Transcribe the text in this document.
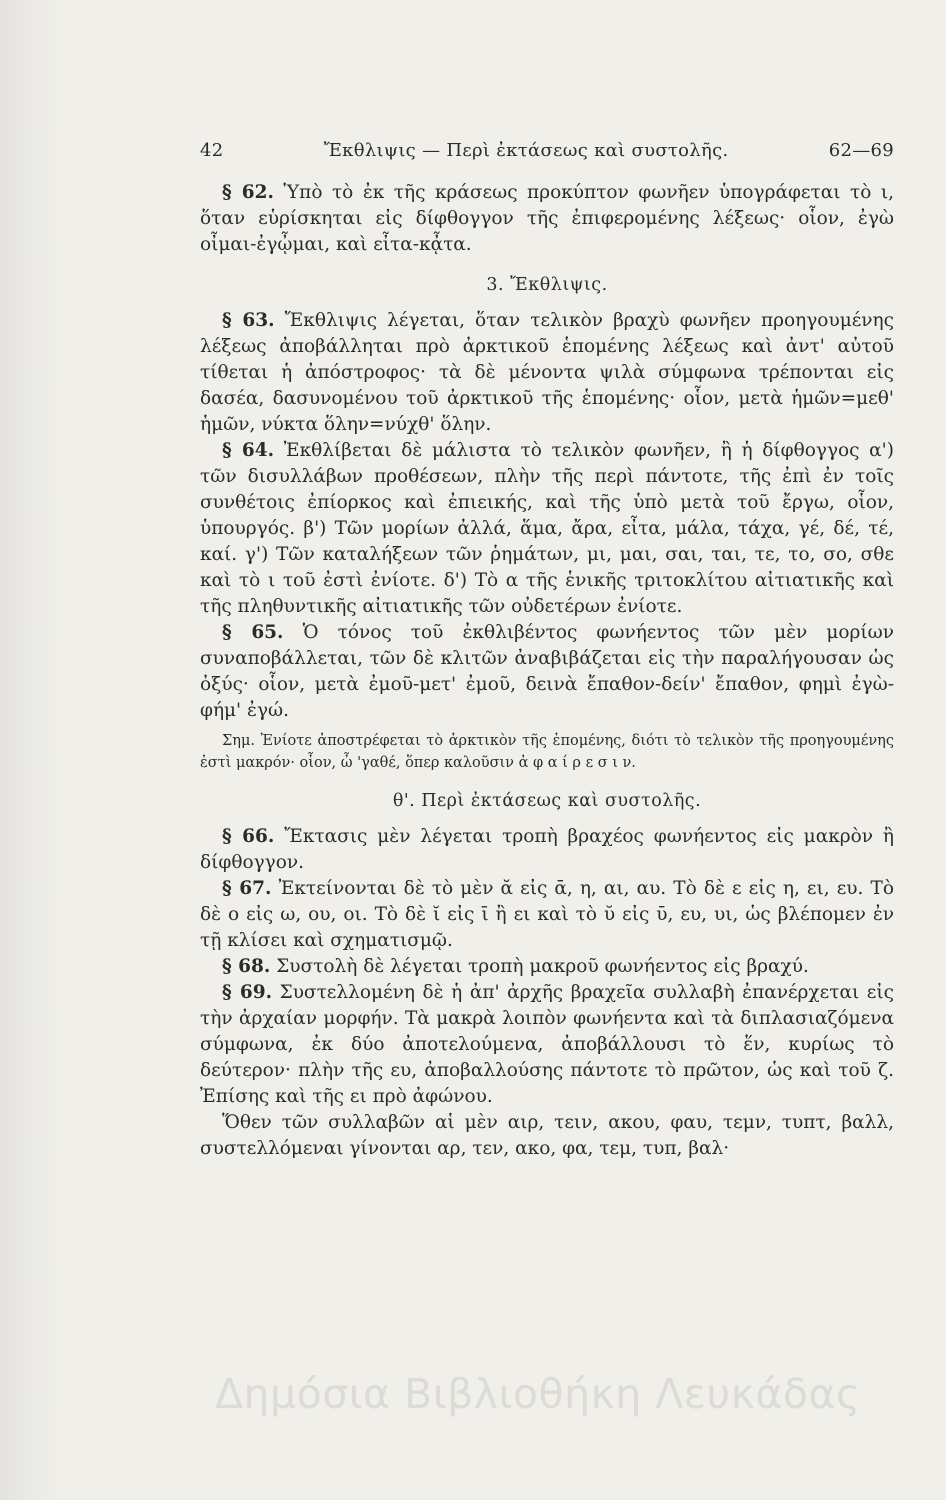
42	Ἔκθλιψις — Περὶ ἐκτάσεως καὶ συστολῆς.	62—69

§ 62. Ὑπὸ τὸ ἐκ τῆς κράσεως προκύπτον φωνῆεν ὑπογράφεται τὸ ι, ὅταν εὑρίσκηται εἰς δίφθογγον τῆς ἐπιφερομένης λέξεως· οἷον, ἐγὼ οἶμαι-ἐγᾦμαι, καὶ εἶτα-κᾆτα.

3. Ἔκθλιψις.

§ 63. Ἔκθλιψις λέγεται, ὅταν τελικὸν βραχὺ φωνῆεν προηγουμένης λέξεως ἀποβάλληται πρὸ ἀρκτικοῦ ἑπομένης λέξεως καὶ ἀντ' αὐτοῦ τίθεται ἡ ἀπόστροφος· τὰ δὲ μένοντα ψιλὰ σύμφωνα τρέπονται εἰς δασέα, δασυνομένου τοῦ ἀρκτικοῦ τῆς ἑπομένης· οἷον, μετὰ ἡμῶν=μεθ' ἡμῶν, νύκτα ὅλην=νύχθ' ὅλην.

§ 64. Ἐκθλίβεται δὲ μάλιστα τὸ τελικὸν φωνῆεν, ἢ ἡ δίφθογγος α') τῶν δισυλλάβων προθέσεων, πλὴν τῆς περὶ πάντοτε, τῆς ἐπὶ ἐν τοῖς συνθέτοις ἐπίορκος καὶ ἐπιεικής, καὶ τῆς ὑπὸ μετὰ τοῦ ἔργω, οἷον, ὑπουργός. β') Τῶν μορίων ἀλλά, ἅμα, ἄρα, εἶτα, μάλα, τάχα, γέ, δέ, τέ, καί. γ') Τῶν καταλήξεων τῶν ῥημάτων, μι, μαι, σαι, ται, τε, το, σο, σθε καὶ τὸ ι τοῦ ἐστὶ ἐνίοτε. δ') Τὸ α τῆς ἑνικῆς τριτοκλίτου αἰτιατικῆς καὶ τῆς πληθυντικῆς αἰτιατικῆς τῶν οὐδετέρων ἐνίοτε.

§ 65. Ὁ τόνος τοῦ ἐκθλιβέντος φωνήεντος τῶν μὲν μορίων συναποβάλλεται, τῶν δὲ κλιτῶν ἀναβιβάζεται εἰς τὴν παραλήγουσαν ὡς ὀξύς· οἷον, μετὰ ἐμοῦ-μετ' ἐμοῦ, δεινὰ ἔπαθον-δείν' ἔπαθον, φημὶ ἐγὼ-φήμ' ἐγώ.

Σημ. Ἐνίοτε ἀποστρέφεται τὸ ἀρκτικὸν τῆς ἑπομένης, διότι τὸ τελικὸν τῆς προηγουμένης ἐστὶ μακρόν· οἷον, ὦ 'γαθέ, ὅπερ καλοῦσιν ἀ φ α ί ρ ε σ ι ν.

θ'. Περὶ ἐκτάσεως καὶ συστολῆς.

§ 66. Ἔκτασις μὲν λέγεται τροπὴ βραχέος φωνήεντος εἰς μακρὸν ἢ δίφθογγον.

§ 67. Ἐκτείνονται δὲ τὸ μὲν ᾰ εἰς ᾱ, η, αι, αυ. Τὸ δὲ ε εἰς η, ει, ευ. Τὸ δὲ ο εἰς ω, ου, οι. Τὸ δὲ ῐ εἰς ῑ ἢ ει καὶ τὸ ῠ εἰς ῡ, ευ, υι, ὡς βλέπομεν ἐν τῇ κλίσει καὶ σχηματισμῷ.

§ 68. Συστολὴ δὲ λέγεται τροπὴ μακροῦ φωνήεντος εἰς βραχύ.

§ 69. Συστελλομένη δὲ ἡ ἀπ' ἀρχῆς βραχεῖα συλλαβὴ ἐπανέρχεται εἰς τὴν ἀρχαίαν μορφήν. Τὰ μακρὰ λοιπὸν φωνήεντα καὶ τὰ διπλασιαζόμενα σύμφωνα, ἐκ δύο ἀποτελούμενα, ἀποβάλλουσι τὸ ἕν, κυρίως τὸ δεύτερον· πλὴν τῆς ευ, ἀποβαλλούσης πάντοτε τὸ πρῶτον, ὡς καὶ τοῦ ζ. Ἐπίσης καὶ τῆς ει πρὸ ἀφώνου.

Ὅθεν τῶν συλλαβῶν αἱ μὲν αιρ, τειν, ακου, φαυ, τεμν, τυπτ, βαλλ, συστελλόμεναι γίνονται αρ, τεν, ακο, φα, τεμ, τυπ, βαλ·

Δημόσια Βιβλιοθήκη Λευκάδας
